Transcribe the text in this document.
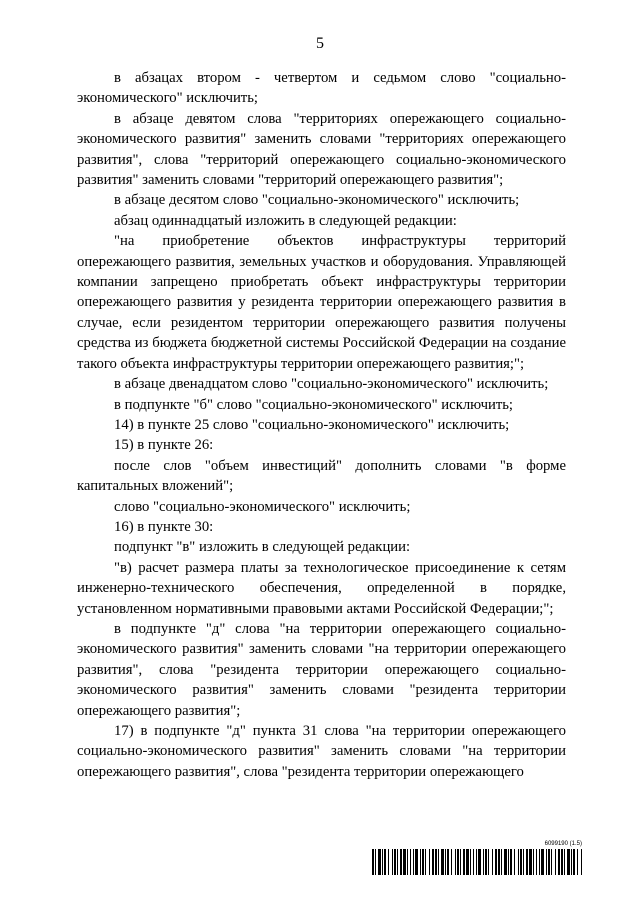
5

в абзацах втором - четвертом и седьмом слово "социально-экономического" исключить;

в абзаце девятом слова "территориях опережающего социально-экономического развития" заменить словами "территориях опережающего развития", слова "территорий опережающего социально-экономического развития" заменить словами "территорий опережающего развития";

в абзаце десятом слово "социально-экономического" исключить;

абзац одиннадцатый изложить в следующей редакции:

"на приобретение объектов инфраструктуры территорий опережающего развития, земельных участков и оборудования. Управляющей компании запрещено приобретать объект инфраструктуры территории опережающего развития у резидента территории опережающего развития в случае, если резидентом территории опережающего развития получены средства из бюджета бюджетной системы Российской Федерации на создание такого объекта инфраструктуры территории опережающего развития;";

в абзаце двенадцатом слово "социально-экономического" исключить;

в подпункте "б" слово "социально-экономического" исключить;

14) в пункте 25 слово "социально-экономического" исключить;

15) в пункте 26:

после слов "объем инвестиций" дополнить словами "в форме капитальных вложений";

слово "социально-экономического" исключить;

16) в пункте 30:

подпункт "в" изложить в следующей редакции:

"в) расчет размера платы за технологическое присоединение к сетям инженерно-технического обеспечения, определенной в порядке, установленном нормативными правовыми актами Российской Федерации;";

в подпункте "д" слова "на территории опережающего социально-экономического развития" заменить словами "на территории опережающего развития", слова "резидента территории опережающего социально-экономического развития" заменить словами "резидента территории опережающего развития";

17) в подпункте "д" пункта 31 слова "на территории опережающего социально-экономического развития" заменить словами "на территории опережающего развития", слова "резидента территории опережающего

6099190 (1.5)
